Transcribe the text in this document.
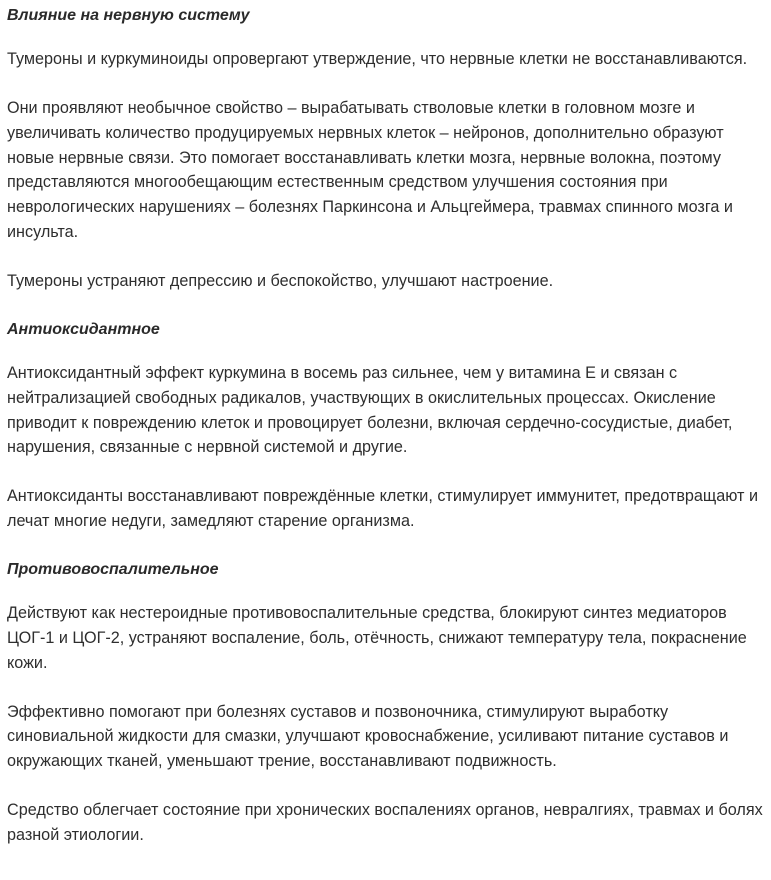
Влияние на нервную систему

Тумероны и куркуминоиды опровергают утверждение, что нервные клетки не восстанавливаются.

Они проявляют необычное свойство – вырабатывать стволовые клетки в головном мозге и увеличивать количество продуцируемых нервных клеток – нейронов, дополнительно образуют новые нервные связи. Это помогает восстанавливать клетки мозга, нервные волокна, поэтому представляются многообещающим естественным средством улучшения состояния при неврологических нарушениях – болезнях Паркинсона и Альцгеймера, травмах спинного мозга и инсульта.

Тумероны устраняют депрессию и беспокойство, улучшают настроение.

Антиоксидантное

Антиоксидантный эффект куркумина в восемь раз сильнее, чем у витамина Е и связан с нейтрализацией свободных радикалов, участвующих в окислительных процессах. Окисление приводит к повреждению клеток и провоцирует болезни, включая сердечно-сосудистые, диабет, нарушения, связанные с нервной системой и другие.

Антиоксиданты восстанавливают повреждённые клетки, стимулирует иммунитет, предотвращают и лечат многие недуги, замедляют старение организма.

Противовоспалительное

Действуют как нестероидные противовоспалительные средства, блокируют синтез медиаторов ЦОГ-1 и ЦОГ-2, устраняют воспаление, боль, отёчность, снижают температуру тела, покраснение кожи.

Эффективно помогают при болезнях суставов и позвоночника, стимулируют выработку синовиальной жидкости для смазки, улучшают кровоснабжение, усиливают питание суставов и окружающих тканей, уменьшают трение, восстанавливают подвижность.

Средство облегчает состояние при хронических воспалениях органов, невралгиях, травмах и болях разной этиологии.
